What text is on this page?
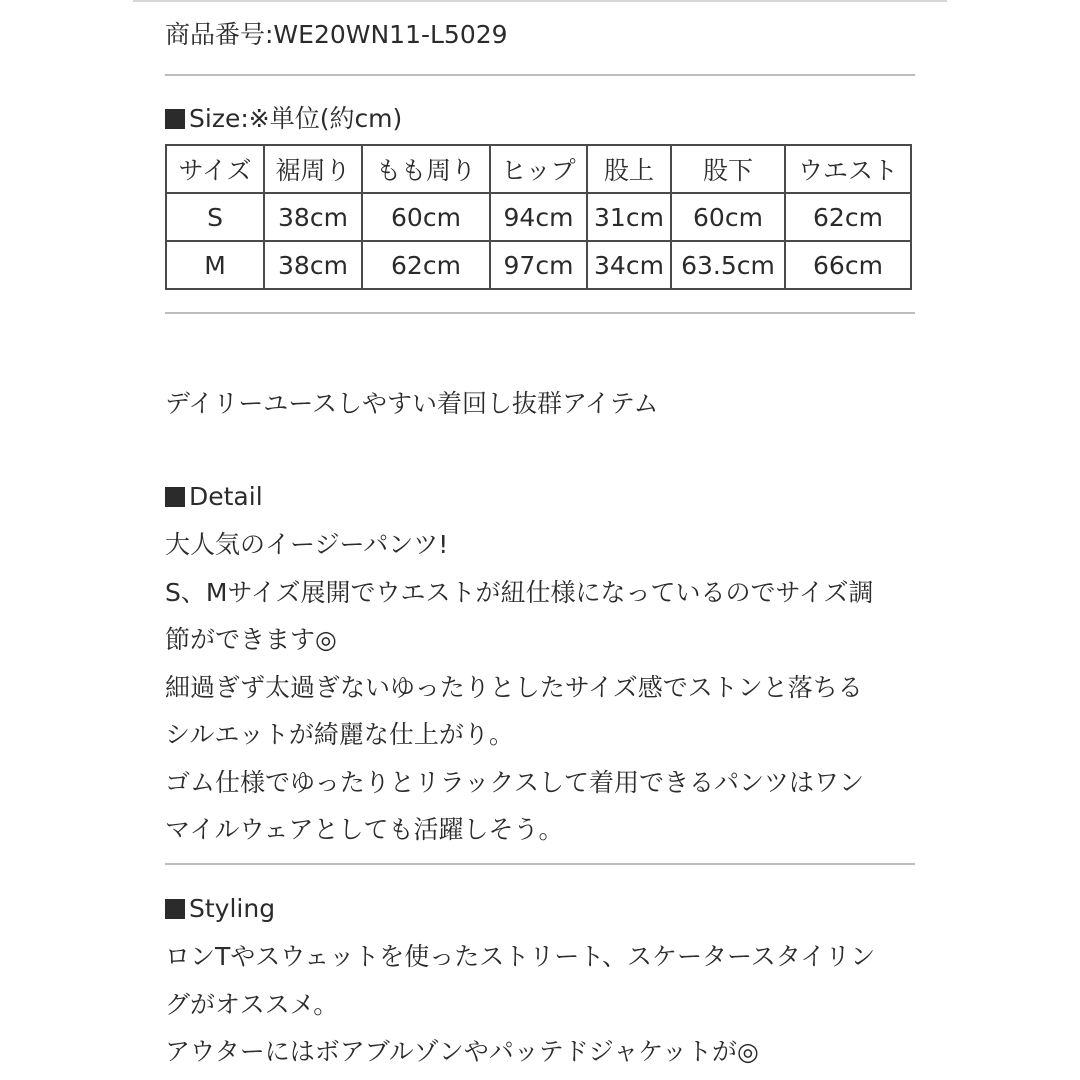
商品番号:WE20WN11-L5029
Size:※単位(約cm)
サイズ	裾周り	もも周り	ヒップ	股上	股下	ウエスト
S	38cm	60cm	94cm	31cm	60cm	62cm
M	38cm	62cm	97cm	34cm	63.5cm	66cm
デイリーユースしやすい着回し抜群アイテム
Detail
大人気のイージーパンツ!
S、Mサイズ展開でウエストが紐仕様になっているのでサイズ調
節ができます◎
細過ぎず太過ぎないゆったりとしたサイズ感でストンと落ちる
シルエットが綺麗な仕上がり。
ゴム仕様でゆったりとリラックスして着用できるパンツはワン
マイルウェアとしても活躍しそう。
Styling
ロンTやスウェットを使ったストリート、スケータースタイリン
グがオススメ。
アウターにはボアブルゾンやパッテドジャケットが◎
